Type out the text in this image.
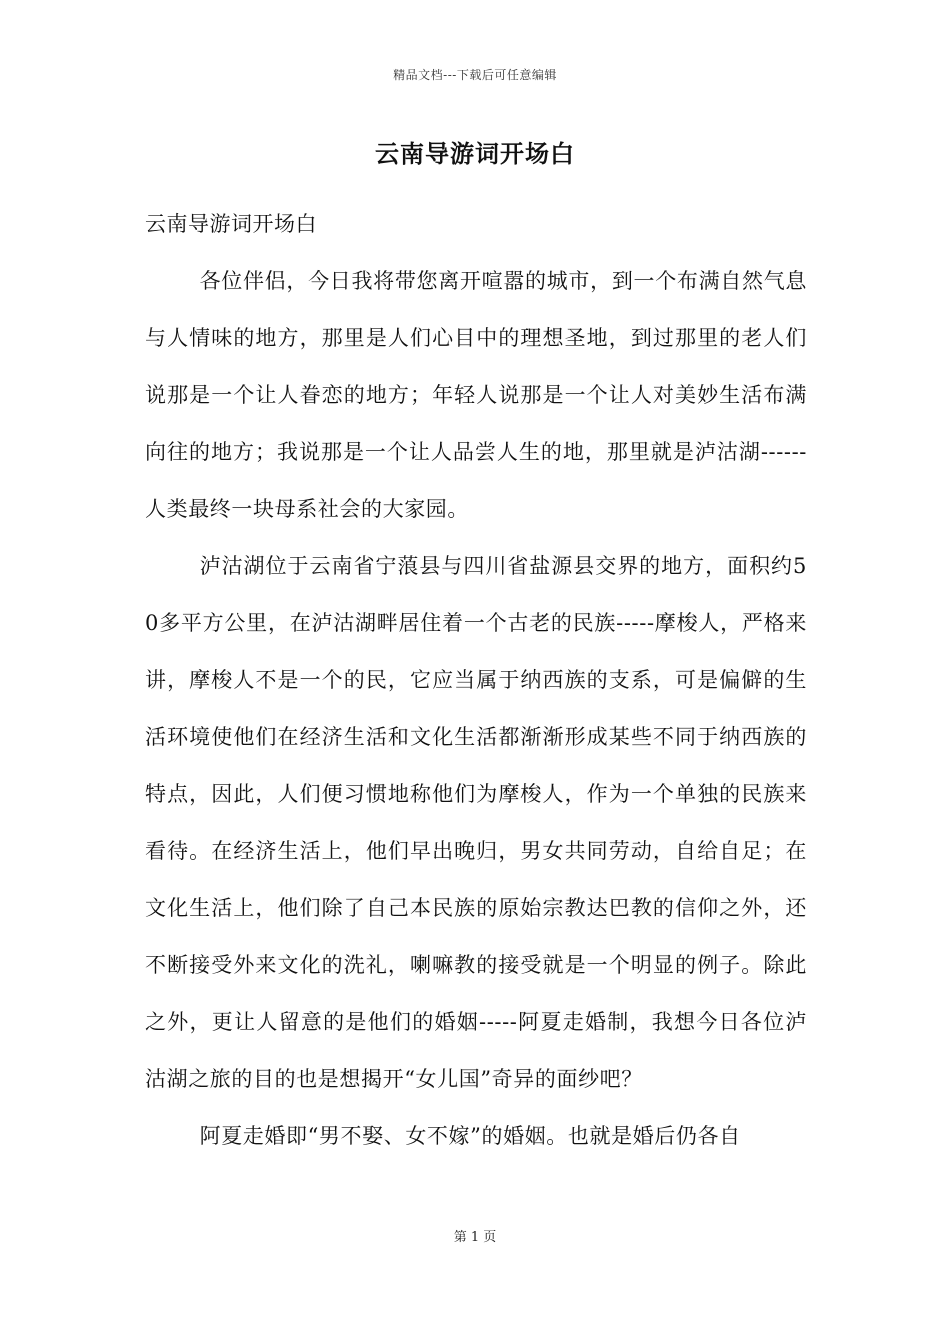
精品文档---下载后可任意编辑
云南导游词开场白

云南导游词开场白

各位伴侣，今日我将带您离开喧嚣的城市，到一个布满自然气息与人情味的地方，那里是人们心目中的理想圣地，到过那里的老人们说那是一个让人眷恋的地方；年轻人说那是一个让人对美妙生活布满向往的地方；我说那是一个让人品尝人生的地，那里就是泸沽湖------人类最终一块母系社会的大家园。

泸沽湖位于云南省宁蒗县与四川省盐源县交界的地方，面积约50多平方公里，在泸沽湖畔居住着一个古老的民族-----摩梭人，严格来讲，摩梭人不是一个的民，它应当属于纳西族的支系，可是偏僻的生活环境使他们在经济生活和文化生活都渐渐形成某些不同于纳西族的特点，因此，人们便习惯地称他们为摩梭人，作为一个单独的民族来看待。在经济生活上，他们早出晚归，男女共同劳动，自给自足；在文化生活上，他们除了自己本民族的原始宗教达巴教的信仰之外，还不断接受外来文化的洗礼，喇嘛教的接受就是一个明显的例子。除此之外，更让人留意的是他们的婚姻-----阿夏走婚制，我想今日各位泸沽湖之旅的目的也是想揭开“女儿国”奇异的面纱吧？

阿夏走婚即“男不娶、女不嫁”的婚姻。也就是婚后仍各自

第 1 页
